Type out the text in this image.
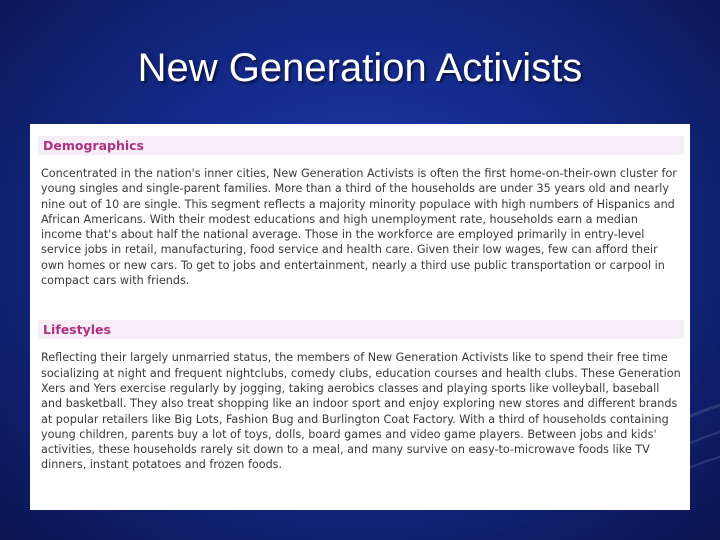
New Generation Activists
Demographics
Concentrated in the nation's inner cities, New Generation Activists is often the first home-on-their-own cluster for young singles and single-parent families. More than a third of the households are under 35 years old and nearly nine out of 10 are single. This segment reflects a majority minority populace with high numbers of Hispanics and African Americans. With their modest educations and high unemployment rate, households earn a median income that's about half the national average. Those in the workforce are employed primarily in entry-level service jobs in retail, manufacturing, food service and health care. Given their low wages, few can afford their own homes or new cars. To get to jobs and entertainment, nearly a third use public transportation or carpool in compact cars with friends.
Lifestyles
Reflecting their largely unmarried status, the members of New Generation Activists like to spend their free time socializing at night and frequent nightclubs, comedy clubs, education courses and health clubs. These Generation Xers and Yers exercise regularly by jogging, taking aerobics classes and playing sports like volleyball, baseball and basketball. They also treat shopping like an indoor sport and enjoy exploring new stores and different brands at popular retailers like Big Lots, Fashion Bug and Burlington Coat Factory. With a third of households containing young children, parents buy a lot of toys, dolls, board games and video game players. Between jobs and kids' activities, these households rarely sit down to a meal, and many survive on easy-to-microwave foods like TV dinners, instant potatoes and frozen foods.
